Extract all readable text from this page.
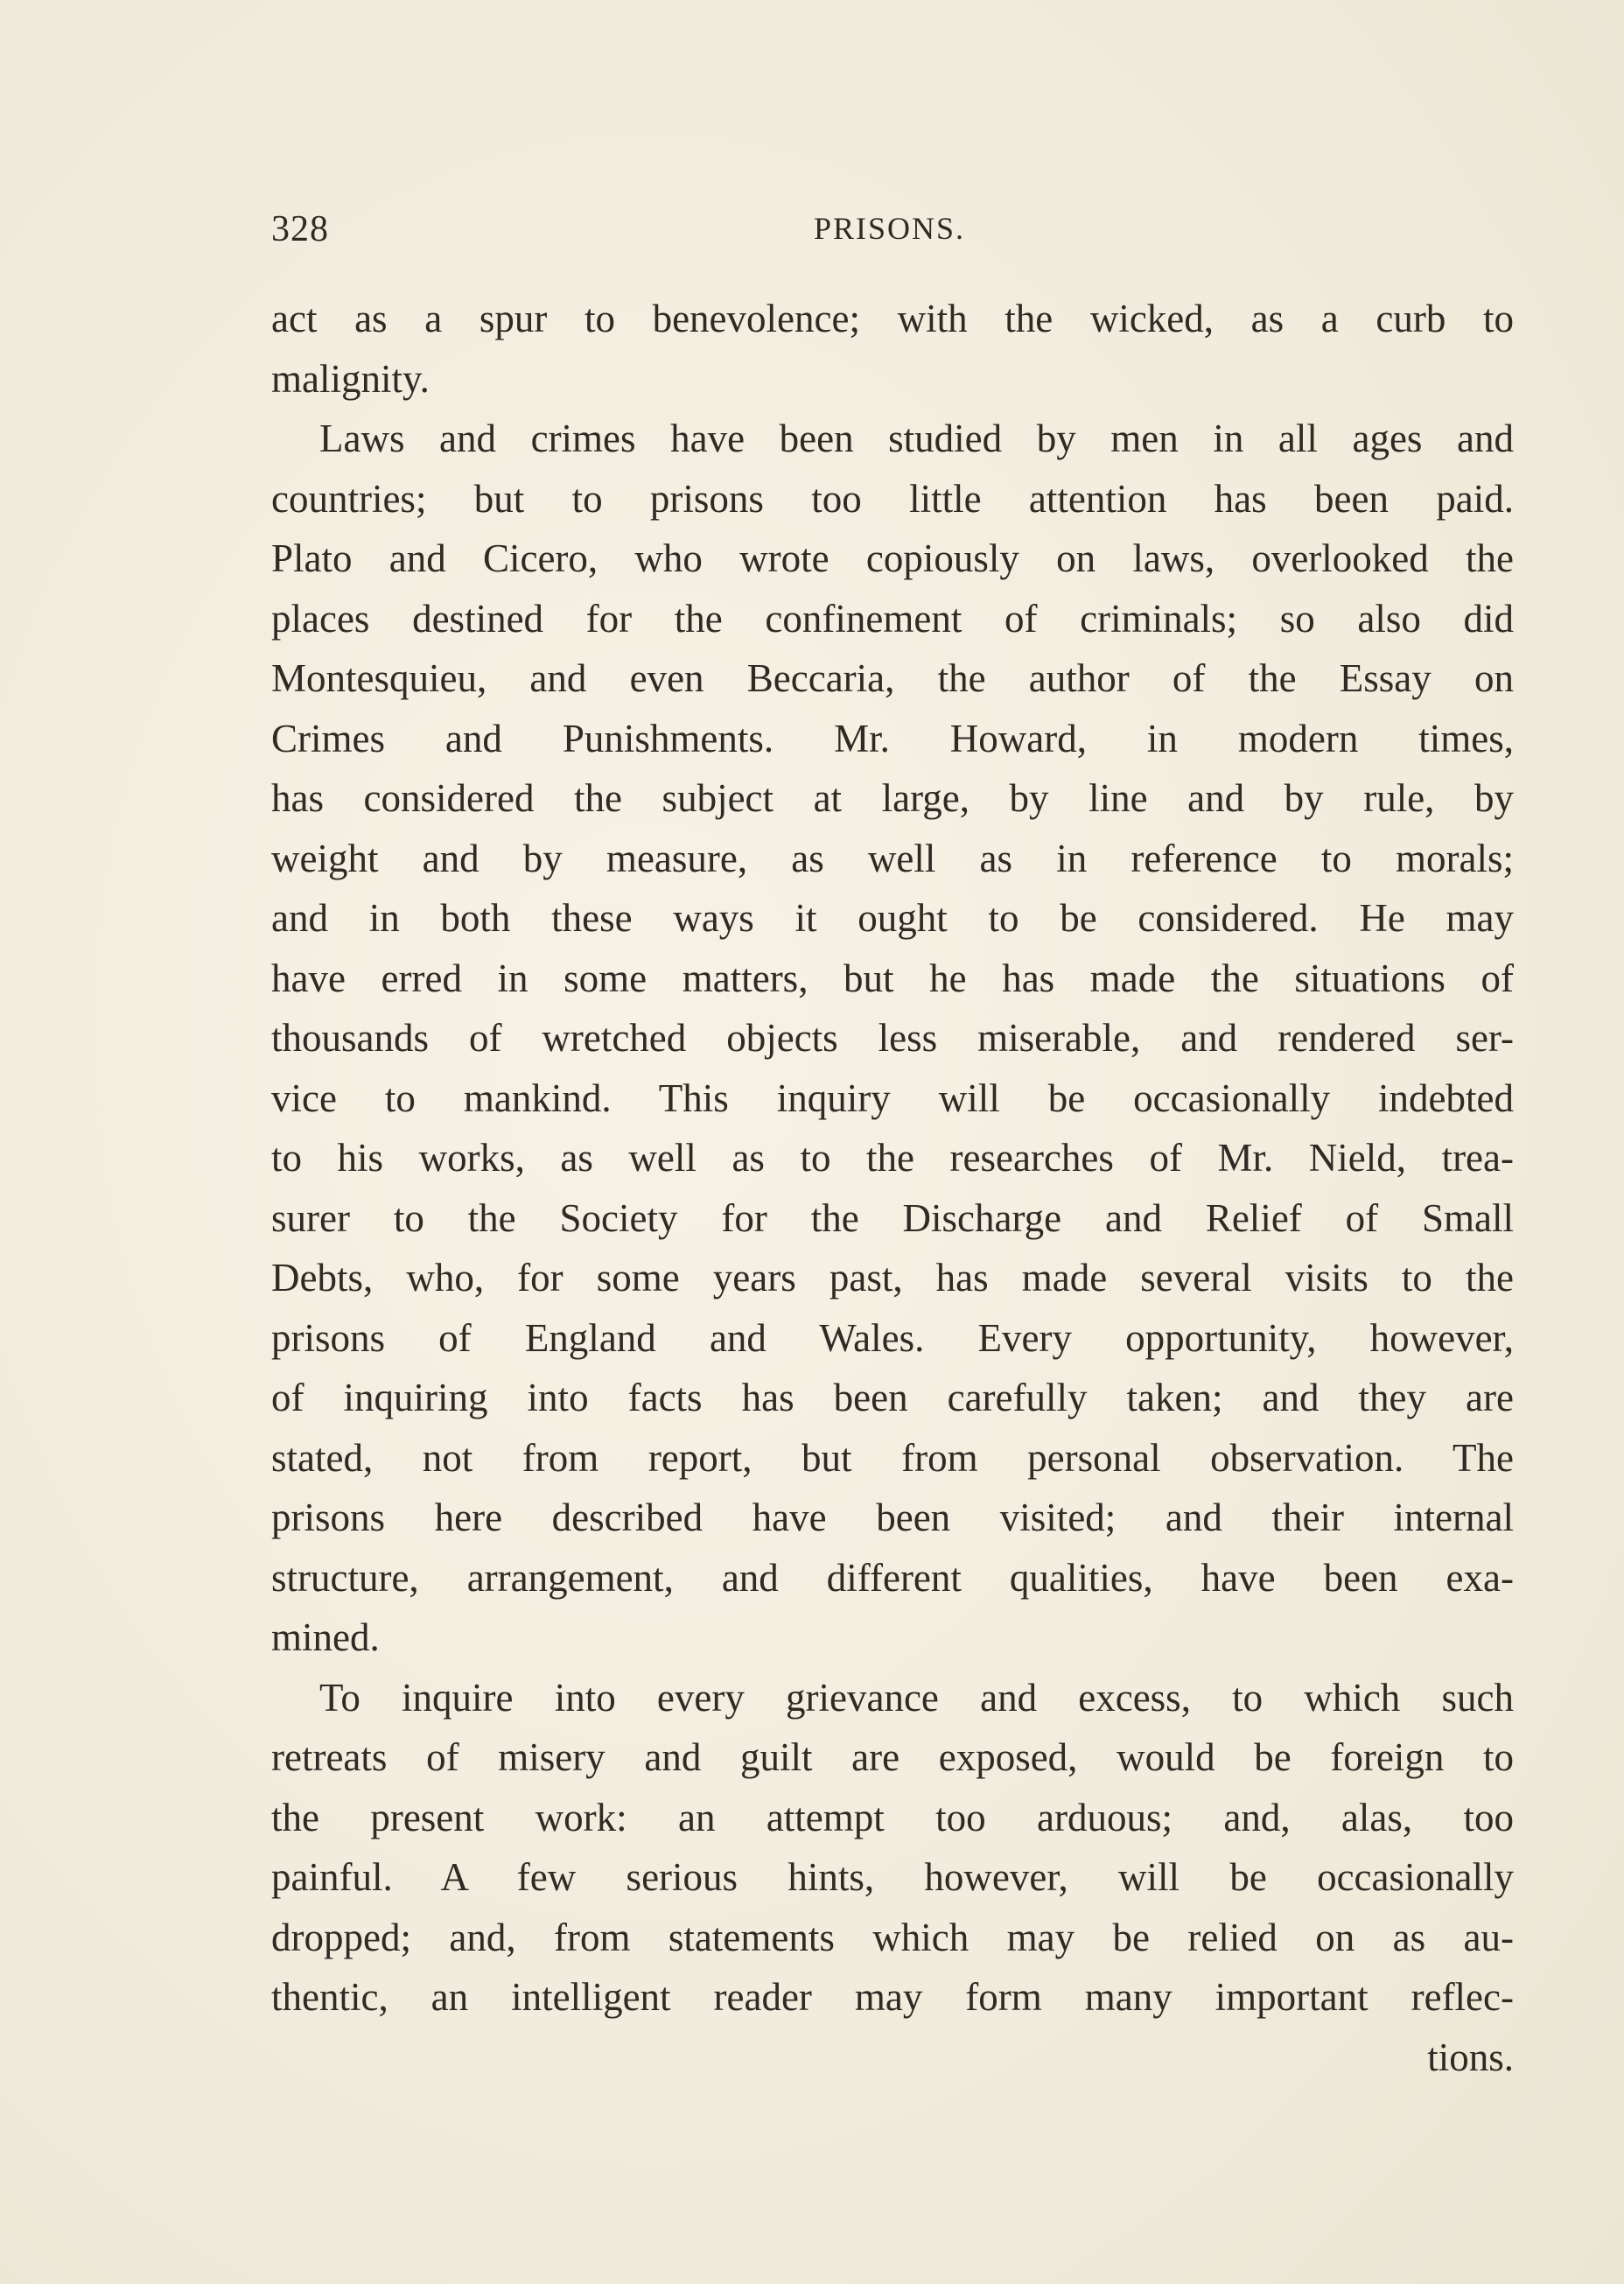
328	PRISONS.
act as a spur to benevolence; with the wicked, as a curb to
malignity.
Laws and crimes have been studied by men in all ages and
countries; but to prisons too little attention has been paid.
Plato and Cicero, who wrote copiously on laws, overlooked the
places destined for the confinement of criminals; so also did
Montesquieu, and even Beccaria, the author of the Essay on
Crimes and Punishments. Mr. Howard, in modern times,
has considered the subject at large, by line and by rule, by
weight and by measure, as well as in reference to morals;
and in both these ways it ought to be considered. He may
have erred in some matters, but he has made the situations of
thousands of wretched objects less miserable, and rendered ser-
vice to mankind. This inquiry will be occasionally indebted
to his works, as well as to the researches of Mr. Nield, trea-
surer to the Society for the Discharge and Relief of Small
Debts, who, for some years past, has made several visits to the
prisons of England and Wales. Every opportunity, however,
of inquiring into facts has been carefully taken; and they are
stated, not from report, but from personal observation. The
prisons here described have been visited; and their internal
structure, arrangement, and different qualities, have been exa-
mined.
To inquire into every grievance and excess, to which such
retreats of misery and guilt are exposed, would be foreign to
the present work: an attempt too arduous; and, alas, too
painful. A few serious hints, however, will be occasionally
dropped; and, from statements which may be relied on as au-
thentic, an intelligent reader may form many important reflec-
tions.
